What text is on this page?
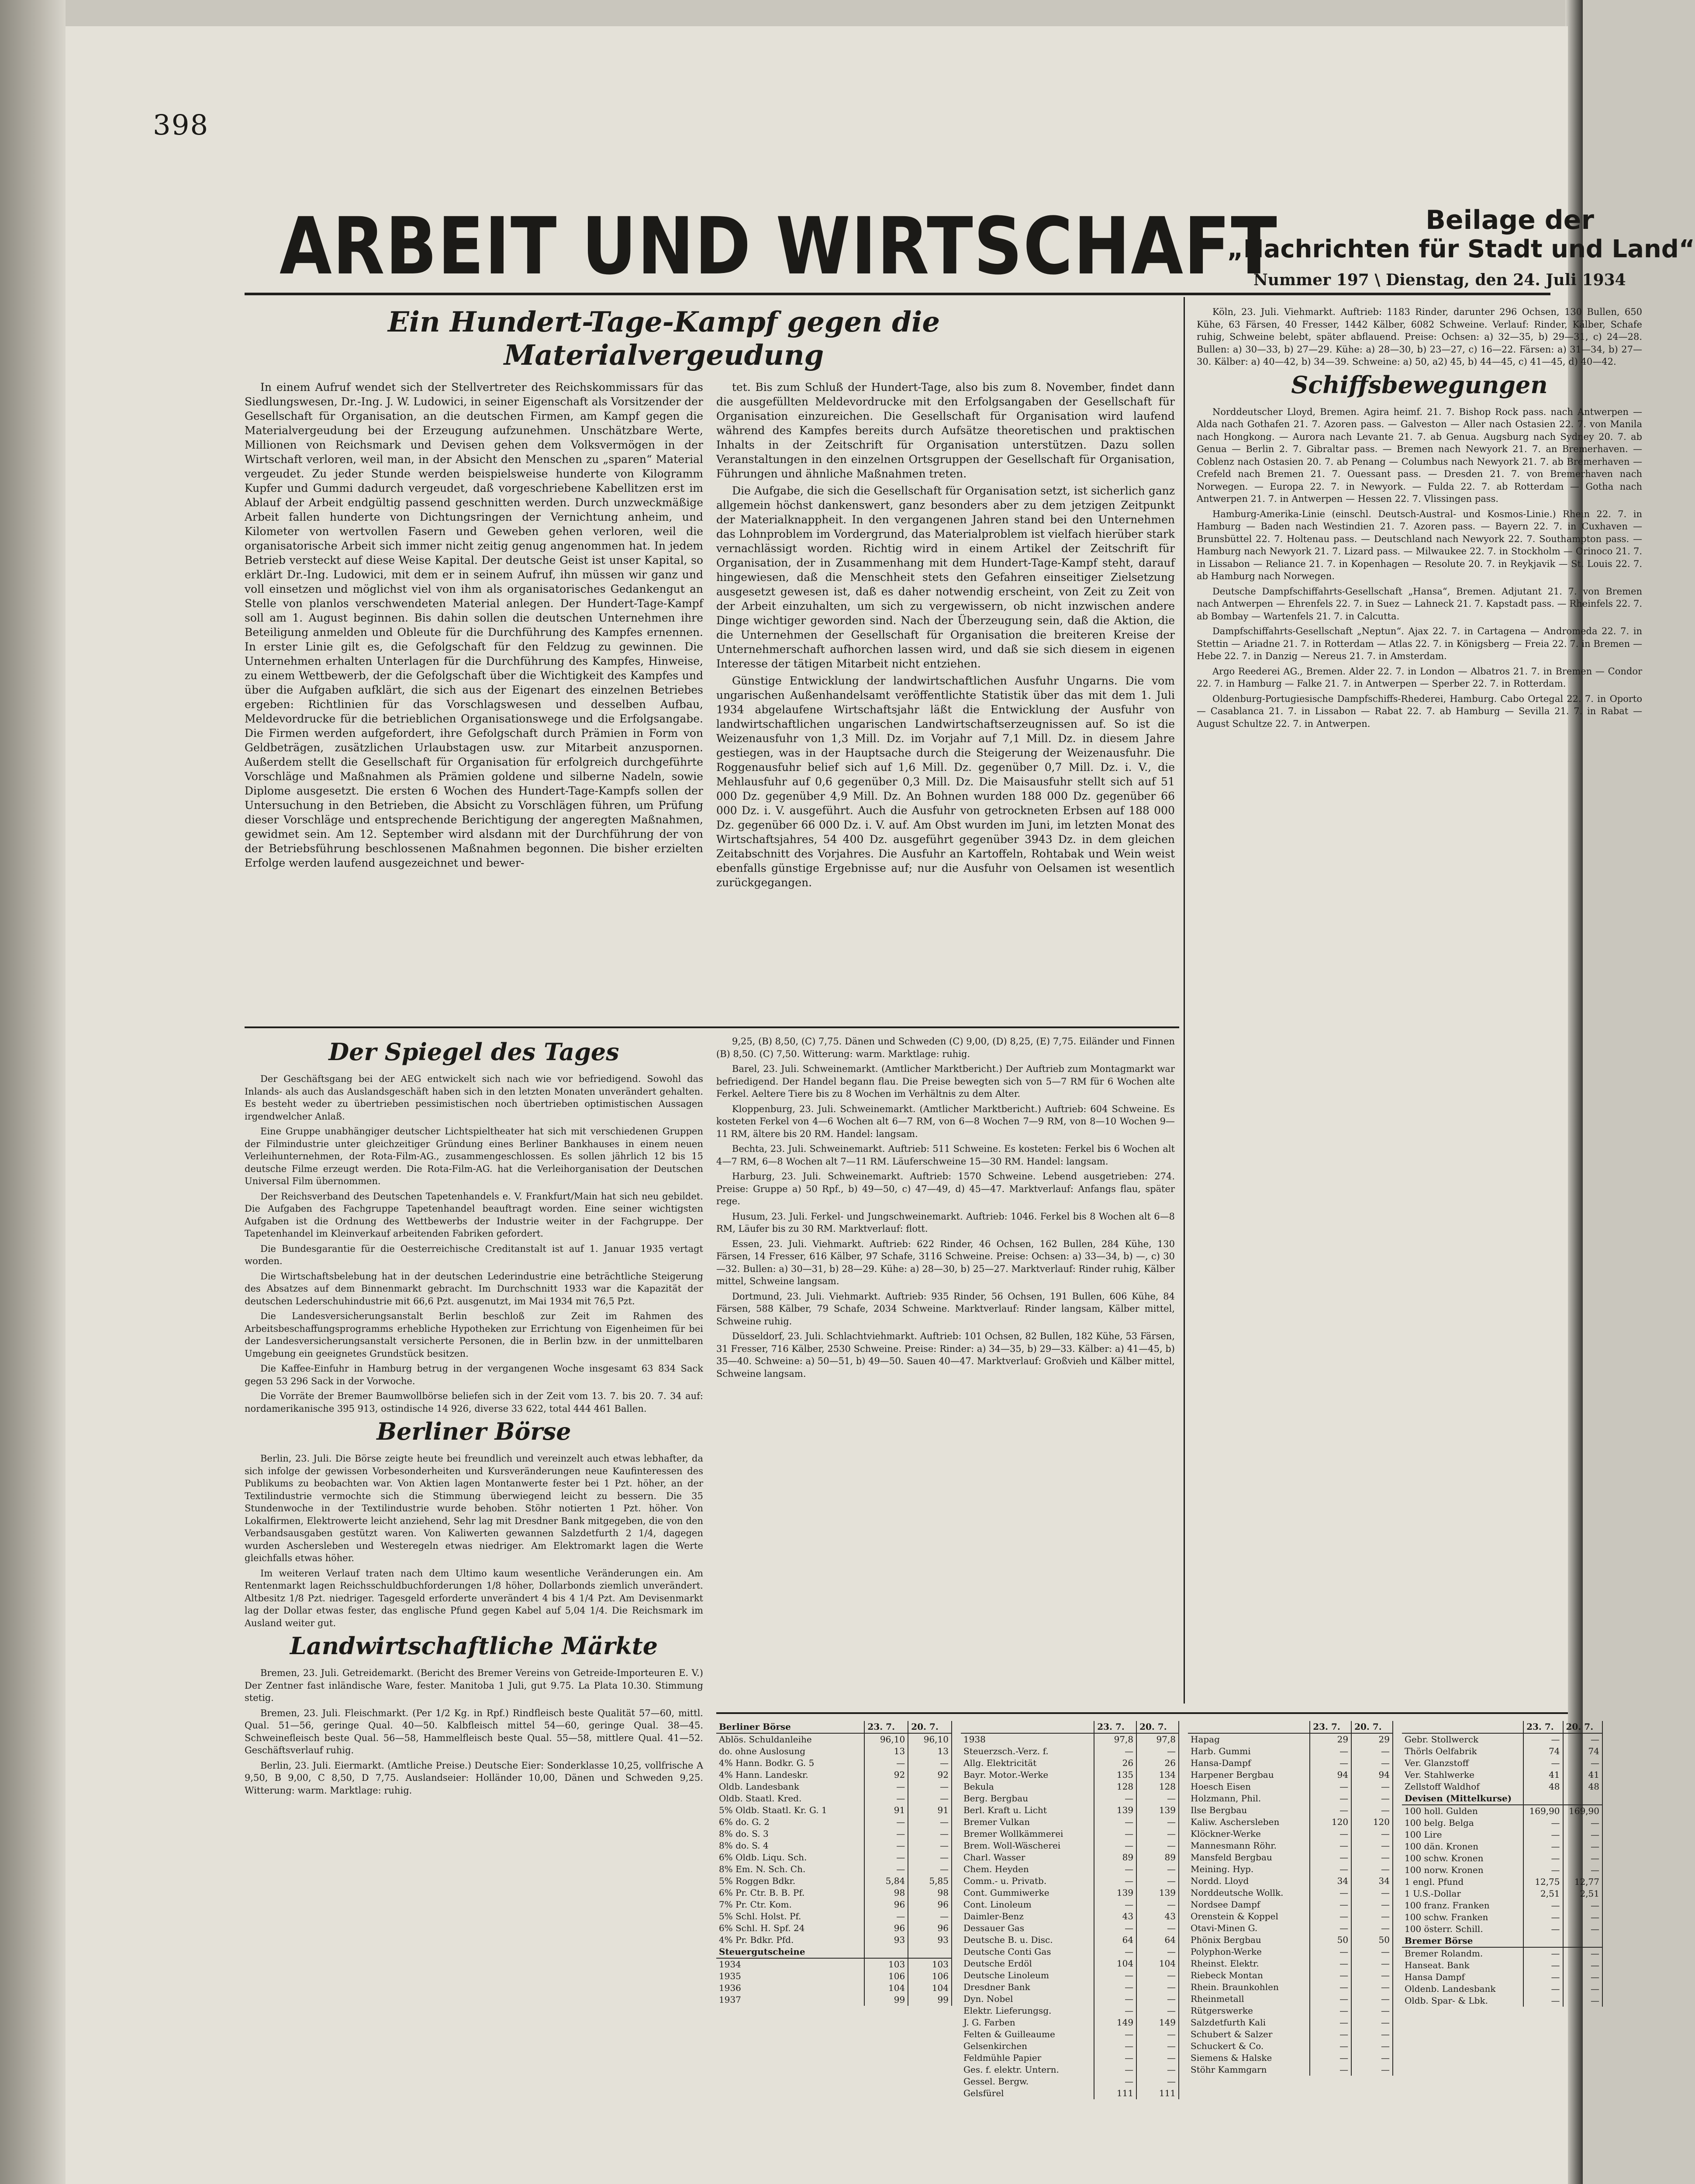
398
ARBEIT UND WIRTSCHAFT	Beilage der
„Nachrichten für Stadt und Land“
Nummer 197 \ Dienstag, den 24. Juli 1934
Ein Hundert-Tage-Kampf gegen die Materialvergeudung

In einem Aufruf wendet sich der Stellvertreter des Reichskommissars für das Siedlungswesen, Dr.-Ing. J. W. Ludowici, in seiner Eigenschaft als Vorsitzender der Gesellschaft für Organisation, an die deutschen Firmen, am Kampf gegen die Materialvergeudung bei der Erzeugung aufzunehmen. Unschätzbare Werte, Millionen von Reichsmark und Devisen gehen dem Volksvermögen in der Wirtschaft verloren, weil man, in der Absicht den Menschen zu „sparen“ Material vergeudet. Zu jeder Stunde werden beispielsweise hunderte von Kilogramm Kupfer und Gummi dadurch vergeudet, daß vorgeschriebene Kabellitzen erst im Ablauf der Arbeit endgültig passend geschnitten werden. Durch unzweckmäßige Arbeit fallen hunderte von Dichtungsringen der Vernichtung anheim, und Kilometer von wertvollen Fasern und Geweben gehen verloren, weil die organisatorische Arbeit sich immer nicht zeitig genug angenommen hat. In jedem Betrieb versteckt auf diese Weise Kapital. Der deutsche Geist ist unser Kapital, so erklärt Dr.-Ing. Ludowici, mit dem er in seinem Aufruf, ihn müssen wir ganz und voll einsetzen und möglichst viel von ihm als organisatorisches Gedankengut an Stelle von planlos verschwendeten Material anlegen. Der Hundert-Tage-Kampf soll am 1. August beginnen. Bis dahin sollen die deutschen Unternehmen ihre Beteiligung anmelden und Obleute für die Durchführung des Kampfes ernennen. In erster Linie gilt es, die Gefolgschaft für den Feldzug zu gewinnen. Die Unternehmen erhalten Unterlagen für die Durchführung des Kampfes, Hinweise, zu einem Wettbewerb, der die Gefolgschaft über die Wichtigkeit des Kampfes und über die Aufgaben aufklärt, die sich aus der Eigenart des einzelnen Betriebes ergeben: Richtlinien für das Vorschlagswesen und desselben Aufbau, Meldevordrucke für die betrieblichen Organisationswege und die Erfolgsangabe. Die Firmen werden aufgefordert, ihre Gefolgschaft durch Prämien in Form von Geldbeträgen, zusätzlichen Urlaubstagen usw. zur Mitarbeit anzuspornen. Außerdem stellt die Gesellschaft für Organisation für erfolgreich durchgeführte Vorschläge und Maßnahmen als Prämien goldene und silberne Nadeln, sowie Diplome ausgesetzt. Die ersten 6 Wochen des Hundert-Tage-Kampfs sollen der Untersuchung in den Betrieben, die Absicht zu Vorschlägen führen, um Prüfung dieser Vorschläge und entsprechende Berichtigung der angeregten Maßnahmen, gewidmet sein. Am 12. September wird alsdann mit der Durchführung der von der Betriebsführung beschlossenen Maßnahmen begonnen. Die bisher erzielten Erfolge werden laufend ausgezeichnet und bewer-

tet. Bis zum Schluß der Hundert-Tage, also bis zum 8. November, findet dann die ausgefüllten Meldevordrucke mit den Erfolgsangaben der Gesellschaft für Organisation einzureichen. Die Gesellschaft für Organisation wird laufend während des Kampfes bereits durch Aufsätze theoretischen und praktischen Inhalts in der Zeitschrift für Organisation unterstützen. Dazu sollen Veranstaltungen in den einzelnen Ortsgruppen der Gesellschaft für Organisation, Führungen und ähnliche Maßnahmen treten.

Die Aufgabe, die sich die Gesellschaft für Organisation setzt, ist sicherlich ganz allgemein höchst dankenswert, ganz besonders aber zu dem jetzigen Zeitpunkt der Materialknappheit. In den vergangenen Jahren stand bei den Unternehmen das Lohnproblem im Vordergrund, das Materialproblem ist vielfach hierüber stark vernachlässigt worden. Richtig wird in einem Artikel der Zeitschrift für Organisation, der in Zusammenhang mit dem Hundert-Tage-Kampf steht, darauf hingewiesen, daß die Menschheit stets den Gefahren einseitiger Zielsetzung ausgesetzt gewesen ist, daß es daher notwendig erscheint, von Zeit zu Zeit von der Arbeit einzuhalten, um sich zu vergewissern, ob nicht inzwischen andere Dinge wichtiger geworden sind. Nach der Überzeugung sein, daß die Aktion, die die Unternehmen der Gesellschaft für Organisation die breiteren Kreise der Unternehmerschaft aufhorchen lassen wird, und daß sie sich diesem in eigenen Interesse der tätigen Mitarbeit nicht entziehen.

Günstige Entwicklung der landwirtschaftlichen Ausfuhr Ungarns. Die vom ungarischen Außenhandelsamt veröffentlichte Statistik über das mit dem 1. Juli 1934 abgelaufene Wirtschaftsjahr läßt die Entwicklung der Ausfuhr von landwirtschaftlichen ungarischen Landwirtschaftserzeugnissen auf. So ist die Weizenausfuhr von 1,3 Mill. Dz. im Vorjahr auf 7,1 Mill. Dz. in diesem Jahre gestiegen, was in der Hauptsache durch die Steigerung der Weizenausfuhr. Die Roggenausfuhr belief sich auf 1,6 Mill. Dz. gegenüber 0,7 Mill. Dz. i. V., die Mehlausfuhr auf 0,6 gegenüber 0,3 Mill. Dz. Die Maisausfuhr stellt sich auf 51 000 Dz. gegenüber 4,9 Mill. Dz. An Bohnen wurden 188 000 Dz. gegenüber 66 000 Dz. i. V. ausgeführt. Auch die Ausfuhr von getrockneten Erbsen auf 188 000 Dz. gegenüber 66 000 Dz. i. V. auf. Am Obst wurden im Juni, im letzten Monat des Wirtschaftsjahres, 54 400 Dz. ausgeführt gegenüber 3943 Dz. in dem gleichen Zeitabschnitt des Vorjahres. Die Ausfuhr an Kartoffeln, Rohtabak und Wein weist ebenfalls günstige Ergebnisse auf; nur die Ausfuhr von Oelsamen ist wesentlich zurückgegangen.

Der Spiegel des Tages

Der Geschäftsgang bei der AEG entwickelt sich nach wie vor befriedigend. Sowohl das Inlands- als auch das Auslandsgeschäft haben sich in den letzten Monaten unverändert gehalten. Es besteht weder zu übertrieben pessimistischen noch übertrieben optimistischen Aussagen irgendwelcher Anlaß.

Eine Gruppe unabhängiger deutscher Lichtspieltheater hat sich mit verschiedenen Gruppen der Filmindustrie unter gleichzeitiger Gründung eines Berliner Bankhauses in einem neuen Verleihunternehmen, der Rota-Film-AG., zusammengeschlossen. Es sollen jährlich 12 bis 15 deutsche Filme erzeugt werden. Die Rota-Film-AG. hat die Verleihorganisation der Deutschen Universal Film übernommen.

Der Reichsverband des Deutschen Tapetenhandels e. V. Frankfurt/Main hat sich neu gebildet. Die Aufgaben des Fachgruppe Tapetenhandel beauftragt worden. Eine seiner wichtigsten Aufgaben ist die Ordnung des Wettbewerbs der Industrie weiter in der Fachgruppe. Der Tapetenhandel im Kleinverkauf arbeitenden Fabriken gefordert.

Die Bundesgarantie für die Oesterreichische Creditanstalt ist auf 1. Januar 1935 vertagt worden.

Die Wirtschaftsbelebung hat in der deutschen Lederindustrie eine beträchtliche Steigerung des Absatzes auf dem Binnenmarkt gebracht. Im Durchschnitt 1933 war die Kapazität der deutschen Lederschuhindustrie mit 66,6 Pzt. ausgenutzt, im Mai 1934 mit 76,5 Pzt.

Die Landesversicherungsanstalt Berlin beschloß zur Zeit im Rahmen des Arbeitsbeschaffungsprogramms erhebliche Hypotheken zur Errichtung von Eigenheimen für bei der Landesversicherungsanstalt versicherte Personen, die in Berlin bzw. in der unmittelbaren Umgebung ein geeignetes Grundstück besitzen.

Die Kaffee-Einfuhr in Hamburg betrug in der vergangenen Woche insgesamt 63 834 Sack gegen 53 296 Sack in der Vorwoche.

Die Vorräte der Bremer Baumwollbörse beliefen sich in der Zeit vom 13. 7. bis 20. 7. 34 auf: nordamerikanische 395 913, ostindische 14 926, diverse 33 622, total 444 461 Ballen.

Berliner Börse

Berlin, 23. Juli. Die Börse zeigte heute bei freundlich und vereinzelt auch etwas lebhafter, da sich infolge der gewissen Vorbesonderheiten und Kursveränderungen neue Kaufinteressen des Publikums zu beobachten war. Von Aktien lagen Montanwerte fester bei 1 Pzt. höher, an der Textilindustrie vermochte sich die Stimmung überwiegend leicht zu bessern. Die 35 Stundenwoche in der Textilindustrie wurde behoben. Stöhr notierten 1 Pzt. höher. Von Lokalfirmen, Elektrowerte leicht anziehend, Sehr lag mit Dresdner Bank mitgegeben, die von den Verbandsausgaben gestützt waren. Von Kaliwerten gewannen Salzdetfurth 2 1/4, dagegen wurden Aschersleben und Westeregeln etwas niedriger. Am Elektromarkt lagen die Werte gleichfalls etwas höher.

Im weiteren Verlauf traten nach dem Ultimo kaum wesentliche Veränderungen ein. Am Rentenmarkt lagen Reichsschuldbuchforderungen 1/8 höher, Dollarbonds ziemlich unverändert. Altbesitz 1/8 Pzt. niedriger. Tagesgeld erforderte unverändert 4 bis 4 1/4 Pzt. Am Devisenmarkt lag der Dollar etwas fester, das englische Pfund gegen Kabel auf 5,04 1/4. Die Reichsmark im Ausland weiter gut.

Landwirtschaftliche Märkte

Bremen, 23. Juli. Getreidemarkt. (Bericht des Bremer Vereins von Getreide-Importeuren E. V.) Der Zentner fast inländische Ware, fester. Manitoba 1 Juli, gut 9.75. La Plata 10.30. Stimmung stetig.

Bremen, 23. Juli. Fleischmarkt. (Per 1/2 Kg. in Rpf.) Rindfleisch beste Qualität 57—60, mittl. Qual. 51—56, geringe Qual. 40—50. Kalbfleisch mittel 54—60, geringe Qual. 38—45. Schweinefleisch beste Qual. 56—58, Hammelfleisch beste Qual. 55—58, mittlere Qual. 41—52. Geschäftsverlauf ruhig.

Berlin, 23. Juli. Eiermarkt. (Amtliche Preise.) Deutsche Eier: Sonderklasse 10,25, vollfrische A 9,50, B 9,00, C 8,50, D 7,75. Auslandseier: Holländer 10,00, Dänen und Schweden 9,25. Witterung: warm. Marktlage: ruhig.

9,25, (B) 8,50, (C) 7,75. Dänen und Schweden (C) 9,00, (D) 8,25, (E) 7,75. Eiländer und Finnen (B) 8,50. (C) 7,50. Witterung: warm. Marktlage: ruhig.

Barel, 23. Juli. Schweinemarkt. (Amtlicher Marktbericht.) Der Auftrieb zum Montagmarkt war befriedigend. Der Handel begann flau. Die Preise bewegten sich von 5—7 RM für 6 Wochen alte Ferkel. Aeltere Tiere bis zu 8 Wochen im Verhältnis zu dem Alter.

Kloppenburg, 23. Juli. Schweinemarkt. (Amtlicher Marktbericht.) Auftrieb: 604 Schweine. Es kosteten Ferkel von 4—6 Wochen alt 6—7 RM, von 6—8 Wochen 7—9 RM, von 8—10 Wochen 9—11 RM, ältere bis 20 RM. Handel: langsam.

Bechta, 23. Juli. Schweinemarkt. Auftrieb: 511 Schweine. Es kosteten: Ferkel bis 6 Wochen alt 4—7 RM, 6—8 Wochen alt 7—11 RM. Läuferschweine 15—30 RM. Handel: langsam.

Harburg, 23. Juli. Schweinemarkt. Auftrieb: 1570 Schweine. Lebend ausgetrieben: 274. Preise: Gruppe a) 50 Rpf., b) 49—50, c) 47—49, d) 45—47. Marktverlauf: Anfangs flau, später rege.

Husum, 23. Juli. Ferkel- und Jungschweinemarkt. Auftrieb: 1046. Ferkel bis 8 Wochen alt 6—8 RM, Läufer bis zu 30 RM. Marktverlauf: flott.

Essen, 23. Juli. Viehmarkt. Auftrieb: 622 Rinder, 46 Ochsen, 162 Bullen, 284 Kühe, 130 Färsen, 14 Fresser, 616 Kälber, 97 Schafe, 3116 Schweine. Preise: Ochsen: a) 33—34, b) —, c) 30—32. Bullen: a) 30—31, b) 28—29. Kühe: a) 28—30, b) 25—27. Marktverlauf: Rinder ruhig, Kälber mittel, Schweine langsam.

Dortmund, 23. Juli. Viehmarkt. Auftrieb: 935 Rinder, 56 Ochsen, 191 Bullen, 606 Kühe, 84 Färsen, 588 Kälber, 79 Schafe, 2034 Schweine. Marktverlauf: Rinder langsam, Kälber mittel, Schweine ruhig.

Düsseldorf, 23. Juli. Schlachtviehmarkt. Auftrieb: 101 Ochsen, 82 Bullen, 182 Kühe, 53 Färsen, 31 Fresser, 716 Kälber, 2530 Schweine. Preise: Rinder: a) 34—35, b) 29—33. Kälber: a) 41—45, b) 35—40. Schweine: a) 50—51, b) 49—50. Sauen 40—47. Marktverlauf: Großvieh und Kälber mittel, Schweine langsam.

Köln, 23. Juli. Viehmarkt. Auftrieb: 1183 Rinder, darunter 296 Ochsen, 130 Bullen, 650 Kühe, 63 Färsen, 40 Fresser, 1442 Kälber, 6082 Schweine. Verlauf: Rinder, Kälber, Schafe ruhig, Schweine belebt, später abflauend. Preise: Ochsen: a) 32—35, b) 29—31, c) 24—28. Bullen: a) 30—33, b) 27—29. Kühe: a) 28—30, b) 23—27, c) 16—22. Färsen: a) 31—34, b) 27—30. Kälber: a) 40—42, b) 34—39. Schweine: a) 50, a2) 45, b) 44—45, c) 41—45, d) 40—42.

Schiffsbewegungen

Norddeutscher Lloyd, Bremen. Agira heimf. 21. 7. Bishop Rock pass. nach Antwerpen — Alda nach Gothafen 21. 7. Azoren pass. — Galveston — Aller nach Ostasien 22. 7. von Manila nach Hongkong. — Aurora nach Levante 21. 7. ab Genua. Augsburg nach Sydney 20. 7. ab Genua — Berlin 2. 7. Gibraltar pass. — Bremen nach Newyork 21. 7. an Bremerhaven. — Coblenz nach Ostasien 20. 7. ab Penang — Columbus nach Newyork 21. 7. ab Bremerhaven — Crefeld nach Bremen 21. 7. Ouessant pass. — Dresden 21. 7. von Bremerhaven nach Norwegen. — Europa 22. 7. in Newyork. — Fulda 22. 7. ab Rotterdam — Gotha nach Antwerpen 21. 7. in Antwerpen — Hessen 22. 7. Vlissingen pass.

Hamburg-Amerika-Linie (einschl. Deutsch-Austral- und Kosmos-Linie.) Rhein 22. 7. in Hamburg — Baden nach Westindien 21. 7. Azoren pass. — Bayern 22. 7. in Cuxhaven — Brunsbüttel 22. 7. Holtenau pass. — Deutschland nach Newyork 22. 7. Southampton pass. — Hamburg nach Newyork 21. 7. Lizard pass. — Milwaukee 22. 7. in Stockholm — Orinoco 21. 7. in Lissabon — Reliance 21. 7. in Kopenhagen — Resolute 20. 7. in Reykjavik — St. Louis 22. 7. ab Hamburg nach Norwegen.

Deutsche Dampfschiffahrts-Gesellschaft „Hansa“, Bremen. Adjutant 21. 7. von Bremen nach Antwerpen — Ehrenfels 22. 7. in Suez — Lahneck 21. 7. Kapstadt pass. — Rheinfels 22. 7. ab Bombay — Wartenfels 21. 7. in Calcutta.

Dampfschiffahrts-Gesellschaft „Neptun“. Ajax 22. 7. in Cartagena — Andromeda 22. 7. in Stettin — Ariadne 21. 7. in Rotterdam — Atlas 22. 7. in Königsberg — Freia 22. 7. in Bremen — Hebe 22. 7. in Danzig — Nereus 21. 7. in Amsterdam.

Argo Reederei AG., Bremen. Alder 22. 7. in London — Albatros 21. 7. in Bremen — Condor 22. 7. in Hamburg — Falke 21. 7. in Antwerpen — Sperber 22. 7. in Rotterdam.

Oldenburg-Portugiesische Dampfschiffs-Rhederei, Hamburg. Cabo Ortegal 22. 7. in Oporto — Casablanca 21. 7. in Lissabon — Rabat 22. 7. ab Hamburg — Sevilla 21. 7. in Rabat — August Schultze 22. 7. in Antwerpen.

Berliner Börse	23. 7.	20. 7.
Ablös. Schuldanleihe	96,10	96,10
do. ohne Auslosung	13	13
4% Hann. Bodkr. G. 5	—	—
4% Hann. Landeskr.	92	92
Oldb. Landesbank	—	—
Oldb. Staatl. Kred.	—	—
5% Oldb. Staatl. Kr. G. 1	91	91
6% do. G. 2	—	—
8% do. S. 3	—	—
8% do. S. 4	—	—
6% Oldb. Liqu. Sch.	—	—
8% Em. N. Sch. Ch.	—	—
5% Roggen Bdkr.	5,84	5,85
6% Pr. Ctr. B. B. Pf.	98	98
7% Pr. Ctr. Kom.	96	96
5% Schl. Holst. Pf.	—	—
6% Schl. H. Spf. 24	96	96
4% Pr. Bdkr. Pfd.	93	93
Steuergutscheine		
1934	103	103
1935	106	106
1936	104	104
1937	99	99
	23. 7.	20. 7.
1938	97,8	97,8
Steuerzsch.-Verz. f.	—	—
Allg. Elektricität	26	26
Bayr. Motor.-Werke	135	134
Bekula	128	128
Berg. Bergbau	—	—
Berl. Kraft u. Licht	139	139
Bremer Vulkan	—	—
Bremer Wollkämmerei	—	—
Brem. Woll-Wäscherei	—	—
Charl. Wasser	89	89
Chem. Heyden	—	—
Comm.- u. Privatb.	—	—
Cont. Gummiwerke	139	139
Cont. Linoleum	—	—
Daimler-Benz	43	43
Dessauer Gas	—	—
Deutsche B. u. Disc.	64	64
Deutsche Conti Gas	—	—
Deutsche Erdöl	104	104
Deutsche Linoleum	—	—
Dresdner Bank	—	—
Dyn. Nobel	—	—
Elektr. Lieferungsg.	—	—
J. G. Farben	149	149
Felten & Guilleaume	—	—
Gelsenkirchen	—	—
Feldmühle Papier	—	—
Ges. f. elektr. Untern.	—	—
Gessel. Bergw.	—	—
Gelsfürel	111	111
	23. 7.	20. 7.
Hapag	29	29
Harb. Gummi	—	—
Hansa-Dampf	—	—
Harpener Bergbau	94	94
Hoesch Eisen	—	—
Holzmann, Phil.	—	—
Ilse Bergbau	—	—
Kaliw. Aschersleben	120	120
Klöckner-Werke	—	—
Mannesmann Röhr.	—	—
Mansfeld Bergbau	—	—
Meining. Hyp.	—	—
Nordd. Lloyd	34	34
Norddeutsche Wollk.	—	—
Nordsee Dampf	—	—
Orenstein & Koppel	—	—
Otavi-Minen G.	—	—
Phönix Bergbau	50	50
Polyphon-Werke	—	—
Rheinst. Elektr.	—	—
Riebeck Montan	—	—
Rhein. Braunkohlen	—	—
Rheinmetall	—	—
Rütgerswerke	—	—
Salzdetfurth Kali	—	—
Schubert & Salzer	—	—
Schuckert & Co.	—	—
Siemens & Halske	—	—
Stöhr Kammgarn	—	—
	23. 7.	20. 7.
Gebr. Stollwerck	—	—
Thörls Oelfabrik	74	74
Ver. Glanzstoff	—	—
Ver. Stahlwerke	41	41
Zellstoff Waldhof	48	48
Devisen (Mittelkurse)		
100 holl. Gulden	169,90	169,90
100 belg. Belga	—	—
100 Lire	—	—
100 dän. Kronen	—	—
100 schw. Kronen	—	—
100 norw. Kronen	—	—
1 engl. Pfund	12,75	12,77
1 U.S.-Dollar	2,51	2,51
100 franz. Franken	—	—
100 schw. Franken	—	—
100 österr. Schill.	—	—
Bremer Börse		
Bremer Rolandm.	—	—
Hanseat. Bank	—	—
Hansa Dampf	—	—
Oldenb. Landesbank	—	—
Oldb. Spar- & Lbk.	—	—
